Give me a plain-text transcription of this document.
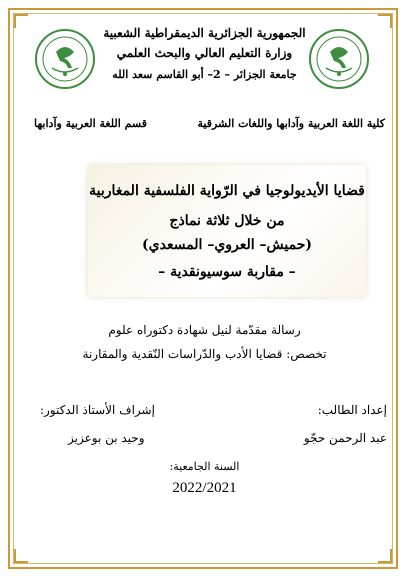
الجمهورية الجزائرية الديمقراطية الشعبية
وزارة التعليم العالي والبحث العلمي
جامعة الجزائر – 2– أبو القاسم سعد الله
كلية اللغة العربية وآدابها واللغات الشرقية
قسم اللغة العربية وآدابها
قضايا الأيديولوجيا في الرّواية الفلسفية المغاربية
من خلال ثلاثة نماذج
(حميش– العروي– المسعدي)
– مقاربة سوسيونقدية –
رسالة مقدّمة لنيل شهادة دكتوراه علوم
تخصص: قضايا الأدب والدّراسات النّقدية والمقارنة
إعداد الطالب:
إشراف الأستاذ الدكتور:
عبد الرحمن حجّو
وحيد بن بوعزيز
السنة الجامعية:
2022/2021
